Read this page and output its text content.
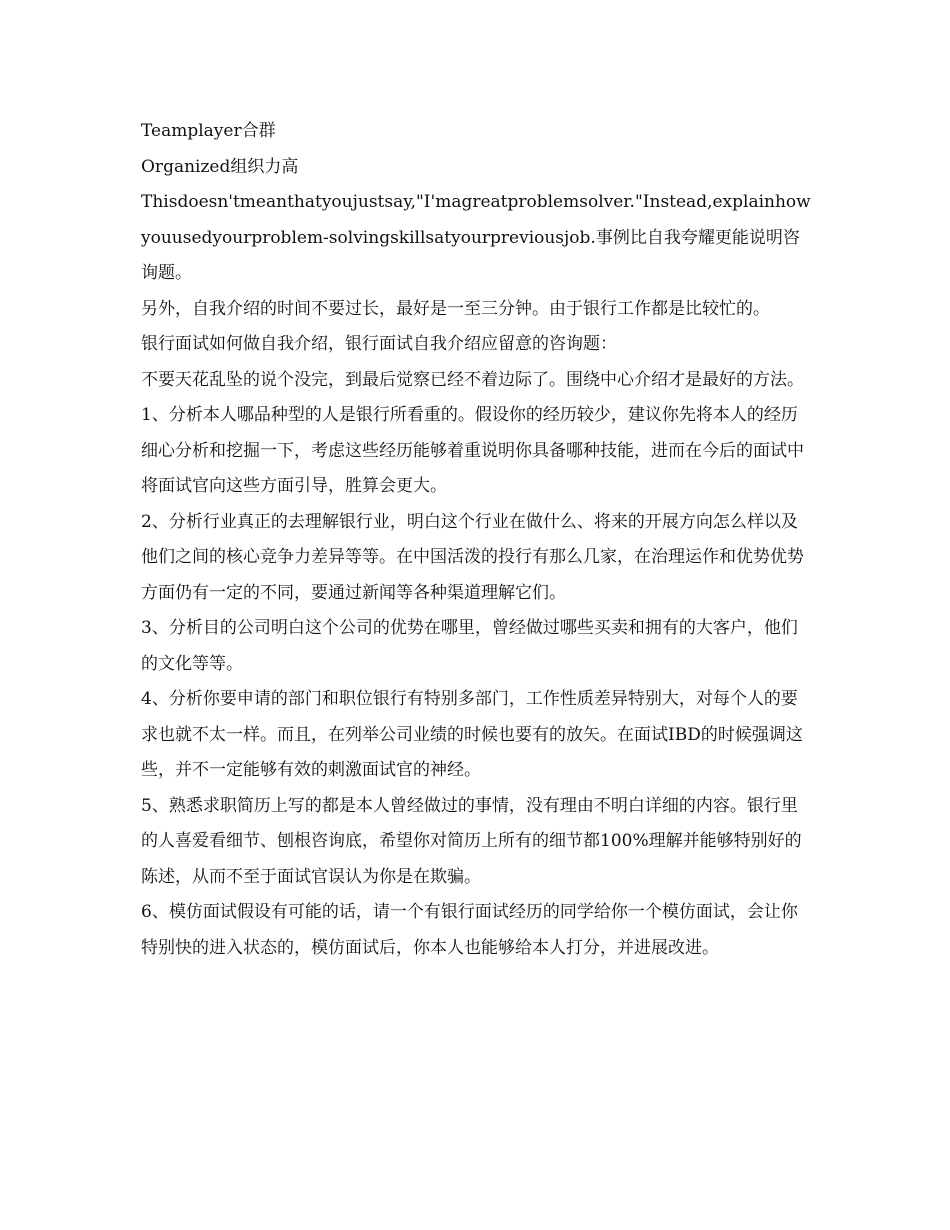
Teamplayer合群

Organized组织力高

Thisdoesn'tmeanthatyoujustsay,"I'magreatproblemsolver."Instead,explainhowyouusedyourproblem-solvingskillsatyourpreviousjob.事例比自我夸耀更能说明咨询题。

另外，自我介绍的时间不要过长，最好是一至三分钟。由于银行工作都是比较忙的。

银行面试如何做自我介绍，银行面试自我介绍应留意的咨询题：

不要天花乱坠的说个没完，到最后觉察已经不着边际了。围绕中心介绍才是最好的方法。

1、分析本人哪品种型的人是银行所看重的。假设你的经历较少，建议你先将本人的经历细心分析和挖掘一下，考虑这些经历能够着重说明你具备哪种技能，进而在今后的面试中将面试官向这些方面引导，胜算会更大。

2、分析行业真正的去理解银行业，明白这个行业在做什么、将来的开展方向怎么样以及他们之间的核心竞争力差异等等。在中国活泼的投行有那么几家，在治理运作和优势优势方面仍有一定的不同，要通过新闻等各种渠道理解它们。

3、分析目的公司明白这个公司的优势在哪里，曾经做过哪些买卖和拥有的大客户，他们的文化等等。

4、分析你要申请的部门和职位银行有特别多部门，工作性质差异特别大，对每个人的要求也就不太一样。而且，在列举公司业绩的时候也要有的放矢。在面试IBD的时候强调这些，并不一定能够有效的刺激面试官的神经。

5、熟悉求职简历上写的都是本人曾经做过的事情，没有理由不明白详细的内容。银行里的人喜爱看细节、刨根咨询底，希望你对简历上所有的细节都100%理解并能够特别好的陈述，从而不至于面试官误认为你是在欺骗。

6、模仿面试假设有可能的话，请一个有银行面试经历的同学给你一个模仿面试，会让你特别快的进入状态的，模仿面试后，你本人也能够给本人打分，并进展改进。
